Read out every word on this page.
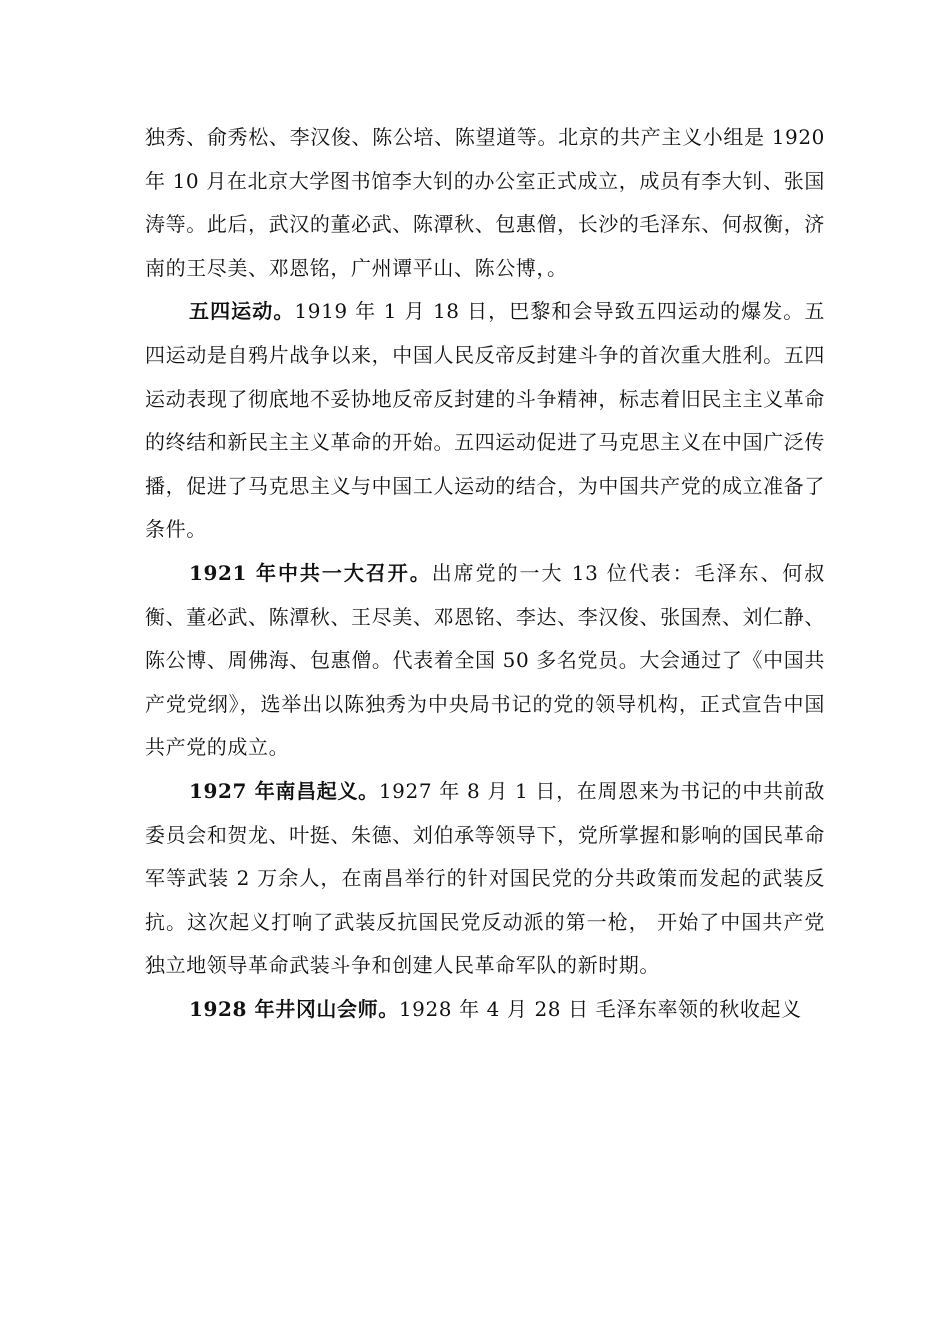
独秀、俞秀松、李汉俊、陈公培、陈望道等。北京的共产主义小组是 1920 年 10 月在北京大学图书馆李大钊的办公室正式成立，成员有李大钊、张国涛等。此后，武汉的董必武、陈潭秋、包惠僧，长沙的毛泽东、何叔衡，济南的王尽美、邓恩铭，广州谭平山、陈公博，。

五四运动。1919 年 1 月 18 日，巴黎和会导致五四运动的爆发。五四运动是自鸦片战争以来，中国人民反帝反封建斗争的首次重大胜利。五四运动表现了彻底地不妥协地反帝反封建的斗争精神，标志着旧民主主义革命的终结和新民主主义革命的开始。五四运动促进了马克思主义在中国广泛传播，促进了马克思主义与中国工人运动的结合，为中国共产党的成立准备了条件。

1921 年中共一大召开。出席党的一大 13 位代表：毛泽东、何叔衡、董必武、陈潭秋、王尽美、邓恩铭、李达、李汉俊、张国焘、刘仁静、陈公博、周佛海、包惠僧。代表着全国 50 多名党员。大会通过了《中国共产党党纲》，选举出以陈独秀为中央局书记的党的领导机构，正式宣告中国共产党的成立。

1927 年南昌起义。1927 年 8 月 1 日，在周恩来为书记的中共前敌委员会和贺龙、叶挺、朱德、刘伯承等领导下，党所掌握和影响的国民革命军等武装 2 万余人，在南昌举行的针对国民党的分共政策而发起的武装反抗。这次起义打响了武装反抗国民党反动派的第一枪， 开始了中国共产党独立地领导革命武装斗争和创建人民革命军队的新时期。

1928 年井冈山会师。1928 年 4 月 28 日 毛泽东率领的秋收起义
